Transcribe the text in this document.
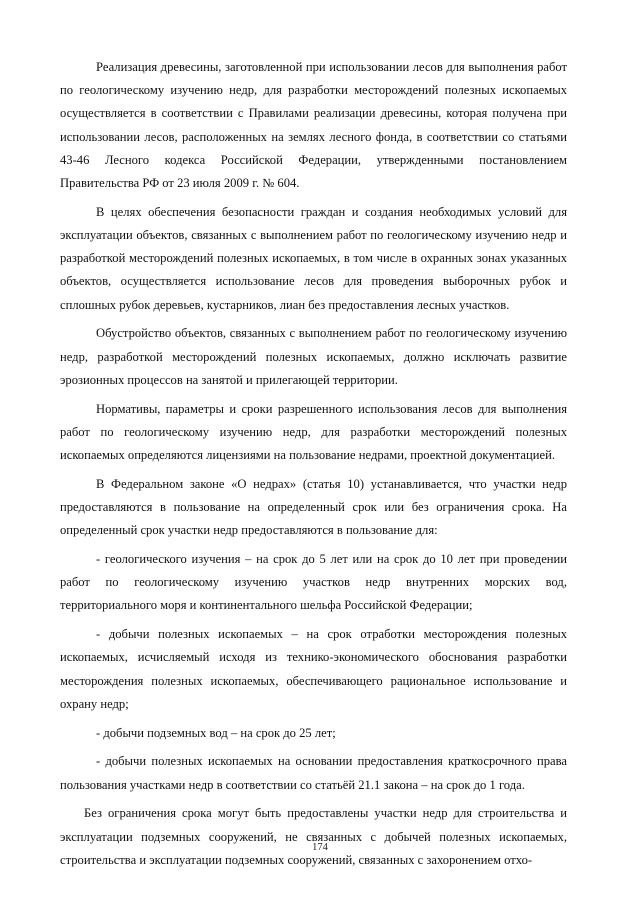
Реализация древесины, заготовленной при использовании лесов для выполнения работ по геологическому изучению недр, для разработки месторождений полезных ископаемых осуществляется в соответствии с Правилами реализации древесины, которая получена при использовании лесов, расположенных на землях лесного фонда, в соответствии со статьями 43-46 Лесного кодекса Российской Федерации, утвержденными постановлением Правительства РФ от 23 июля 2009 г. № 604.

В целях обеспечения безопасности граждан и создания необходимых условий для эксплуатации объектов, связанных с выполнением работ по геологическому изучению недр и разработкой месторождений полезных ископаемых, в том числе в охранных зонах указанных объектов, осуществляется использование лесов для проведения выборочных рубок и сплошных рубок деревьев, кустарников, лиан без предоставления лесных участков.

Обустройство объектов, связанных с выполнением работ по геологическому изучению недр, разработкой месторождений полезных ископаемых, должно исключать развитие эрозионных процессов на занятой и прилегающей территории.

Нормативы, параметры и сроки разрешенного использования лесов для выполнения работ по геологическому изучению недр, для разработки месторождений полезных ископаемых определяются лицензиями на пользование недрами, проектной документацией.

В Федеральном законе «О недрах» (статья 10) устанавливается, что участки недр предоставляются в пользование на определенный срок или без ограничения срока. На определенный срок участки недр предоставляются в пользование для:

- геологического изучения – на срок до 5 лет или на срок до 10 лет при проведении работ по геологическому изучению участков недр внутренних морских вод, территориального моря и континентального шельфа Российской Федерации;

- добычи полезных ископаемых – на срок отработки месторождения полезных ископаемых, исчисляемый исходя из технико-экономического обоснования разработки месторождения полезных ископаемых, обеспечивающего рациональное использование и охрану недр;

- добычи подземных вод – на срок до 25 лет;

- добычи полезных ископаемых на основании предоставления краткосрочного права пользования участками недр в соответствии со статьёй 21.1 закона – на срок до 1 года.

Без ограничения срока могут быть предоставлены участки недр для строительства и эксплуатации подземных сооружений, не связанных с добычей полезных ископаемых, строительства и эксплуатации подземных сооружений, связанных с захоронением отхо-

174
